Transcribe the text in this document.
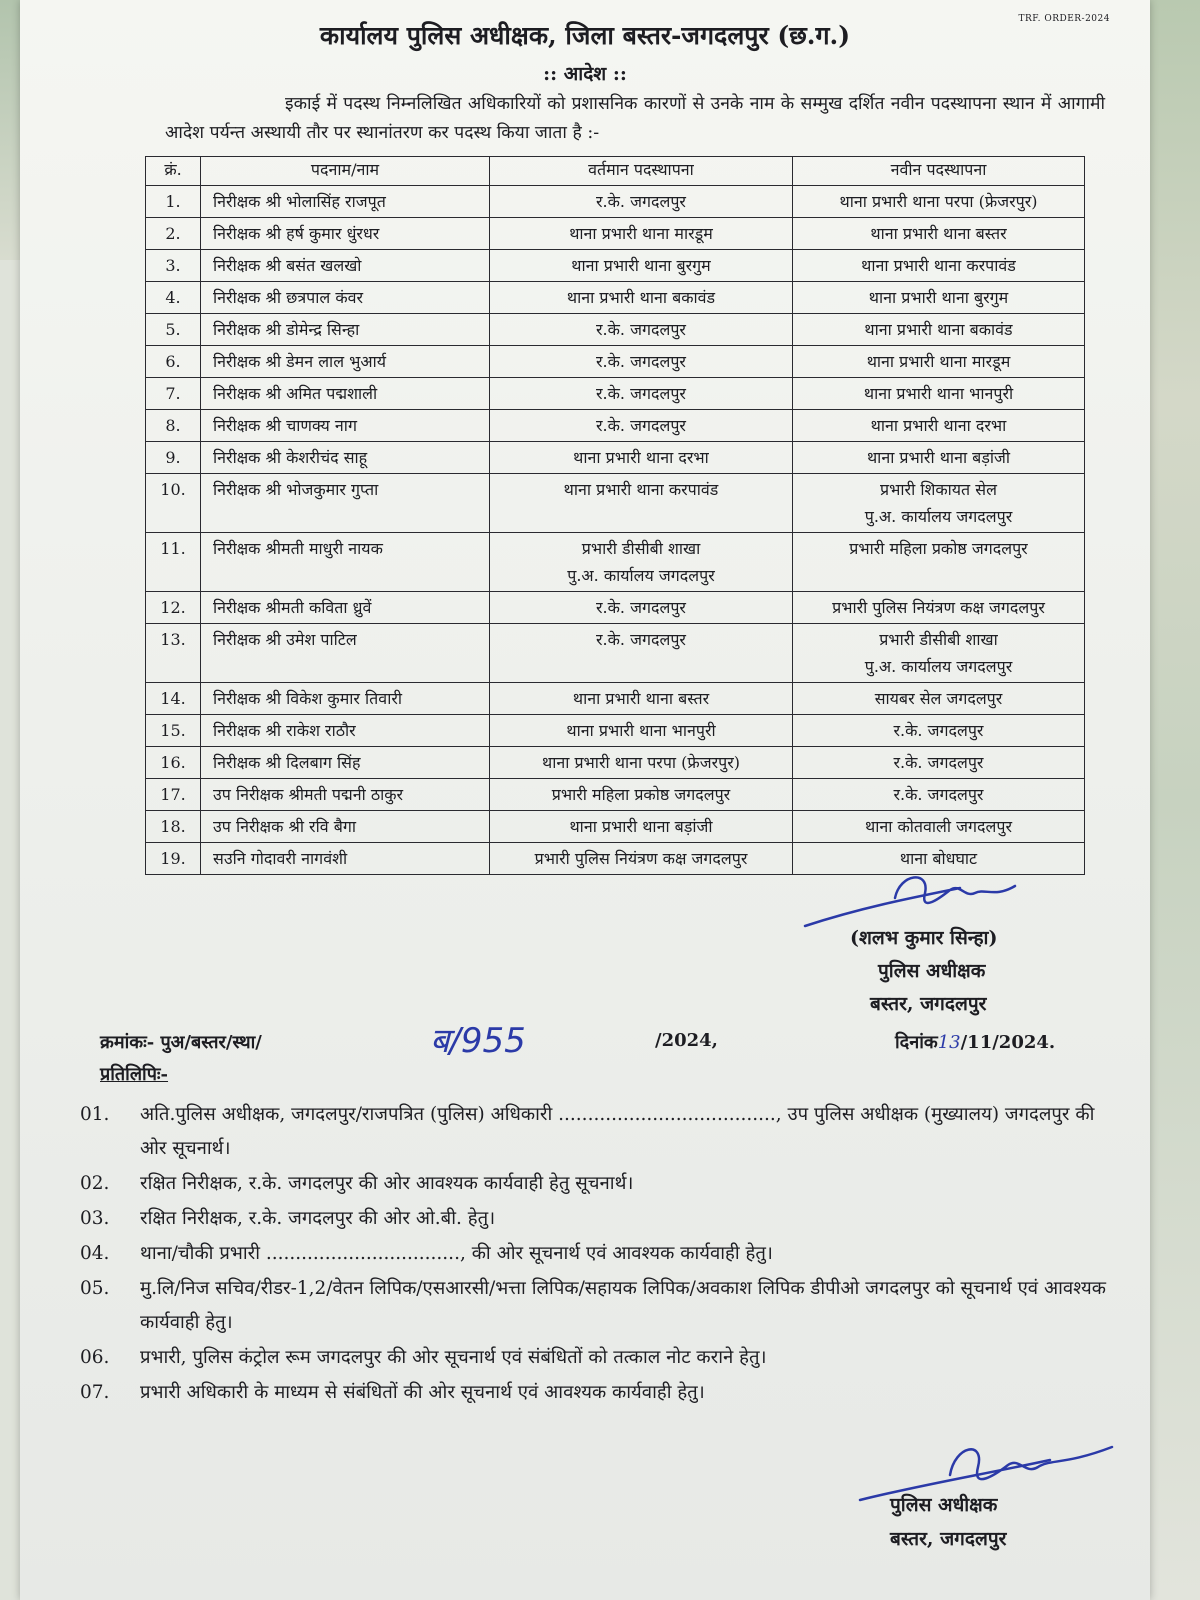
TRF. ORDER-2024
कार्यालय पुलिस अधीक्षक, जिला बस्तर-जगदलपुर (छ.ग.)
:: आदेश ::
इकाई में पदस्थ निम्नलिखित अधिकारियों को प्रशासनिक कारणों से उनके नाम के सम्मुख दर्शित नवीन पदस्थापना स्थान में आगामी आदेश पर्यन्त अस्थायी तौर पर स्थानांतरण कर पदस्थ किया जाता है :-
क्रं.	पदनाम/नाम	वर्तमान पदस्थापना	नवीन पदस्थापना
1.	निरीक्षक श्री भोलासिंह राजपूत	र.के. जगदलपुर	थाना प्रभारी थाना परपा (फ्रेजरपुर)

2.	निरीक्षक श्री हर्ष कुमार धुंरधर	थाना प्रभारी थाना मारडूम	थाना प्रभारी थाना बस्तर

3.	निरीक्षक श्री बसंत खलखो	थाना प्रभारी थाना बुरगुम	थाना प्रभारी थाना करपावंड

4.	निरीक्षक श्री छत्रपाल कंवर	थाना प्रभारी थाना बकावंड	थाना प्रभारी थाना बुरगुम

5.	निरीक्षक श्री डोमेन्द्र सिन्हा	र.के. जगदलपुर	थाना प्रभारी थाना बकावंड

6.	निरीक्षक श्री डेमन लाल भुआर्य	र.के. जगदलपुर	थाना प्रभारी थाना मारडूम

7.	निरीक्षक श्री अमित पद्मशाली	र.के. जगदलपुर	थाना प्रभारी थाना भानपुरी

8.	निरीक्षक श्री चाणक्य नाग	र.के. जगदलपुर	थाना प्रभारी थाना दरभा

9.	निरीक्षक श्री केशरीचंद साहू	थाना प्रभारी थाना दरभा	थाना प्रभारी थाना बड़ांजी

10.	निरीक्षक श्री भोजकुमार गुप्ता	थाना प्रभारी थाना करपावंड	प्रभारी शिकायत सेल
पु.अ. कार्यालय जगदलपुर

11.	निरीक्षक श्रीमती माधुरी नायक	प्रभारी डीसीबी शाखा
पु.अ. कार्यालय जगदलपुर	प्रभारी महिला प्रकोष्ठ जगदलपुर

12.	निरीक्षक श्रीमती कविता ध्रुवें	र.के. जगदलपुर	प्रभारी पुलिस नियंत्रण कक्ष जगदलपुर

13.	निरीक्षक श्री उमेश पाटिल	र.के. जगदलपुर	प्रभारी डीसीबी शाखा
पु.अ. कार्यालय जगदलपुर

14.	निरीक्षक श्री विकेश कुमार तिवारी	थाना प्रभारी थाना बस्तर	सायबर सेल जगदलपुर

15.	निरीक्षक श्री राकेश राठौर	थाना प्रभारी थाना भानपुरी	र.के. जगदलपुर

16.	निरीक्षक श्री दिलबाग सिंह	थाना प्रभारी थाना परपा (फ्रेजरपुर)	र.के. जगदलपुर

17.	उप निरीक्षक श्रीमती पद्मनी ठाकुर	प्रभारी महिला प्रकोष्ठ जगदलपुर	र.के. जगदलपुर

18.	उप निरीक्षक श्री रवि बैगा	थाना प्रभारी थाना बड़ांजी	थाना कोतवाली जगदलपुर

19.	सउनि गोदावरी नागवंशी	प्रभारी पुलिस नियंत्रण कक्ष जगदलपुर	थाना बोधघाट
(शलभ कुमार सिन्हा)
पुलिस अधीक्षक
बस्तर, जगदलपुर
क्रमांकः- पुअ/बस्तर/स्था/	ब/955	/2024,	दिनांक13/11/2024.
प्रतिलिपिः-
01.	अति.पुलिस अधीक्षक, जगदलपुर/राजपत्रित (पुलिस) अधिकारी ....................................., उप पुलिस अधीक्षक (मुख्यालय) जगदलपुर की ओर सूचनार्थ।
02.	रक्षित निरीक्षक, र.के. जगदलपुर की ओर आवश्यक कार्यवाही हेतु सूचनार्थ।
03.	रक्षित निरीक्षक, र.के. जगदलपुर की ओर ओ.बी. हेतु।
04.	थाना/चौकी प्रभारी ................................., की ओर सूचनार्थ एवं आवश्यक कार्यवाही हेतु।
05.	मु.लि/निज सचिव/रीडर-1,2/वेतन लिपिक/एसआरसी/भत्ता लिपिक/सहायक लिपिक/अवकाश लिपिक डीपीओ जगदलपुर को सूचनार्थ एवं आवश्यक कार्यवाही हेतु।
06.	प्रभारी, पुलिस कंट्रोल रूम जगदलपुर की ओर सूचनार्थ एवं संबंधितों को तत्काल नोट कराने हेतु।
07.	प्रभारी अधिकारी के माध्यम से संबंधितों की ओर सूचनार्थ एवं आवश्यक कार्यवाही हेतु।
पुलिस अधीक्षक
बस्तर, जगदलपुर
